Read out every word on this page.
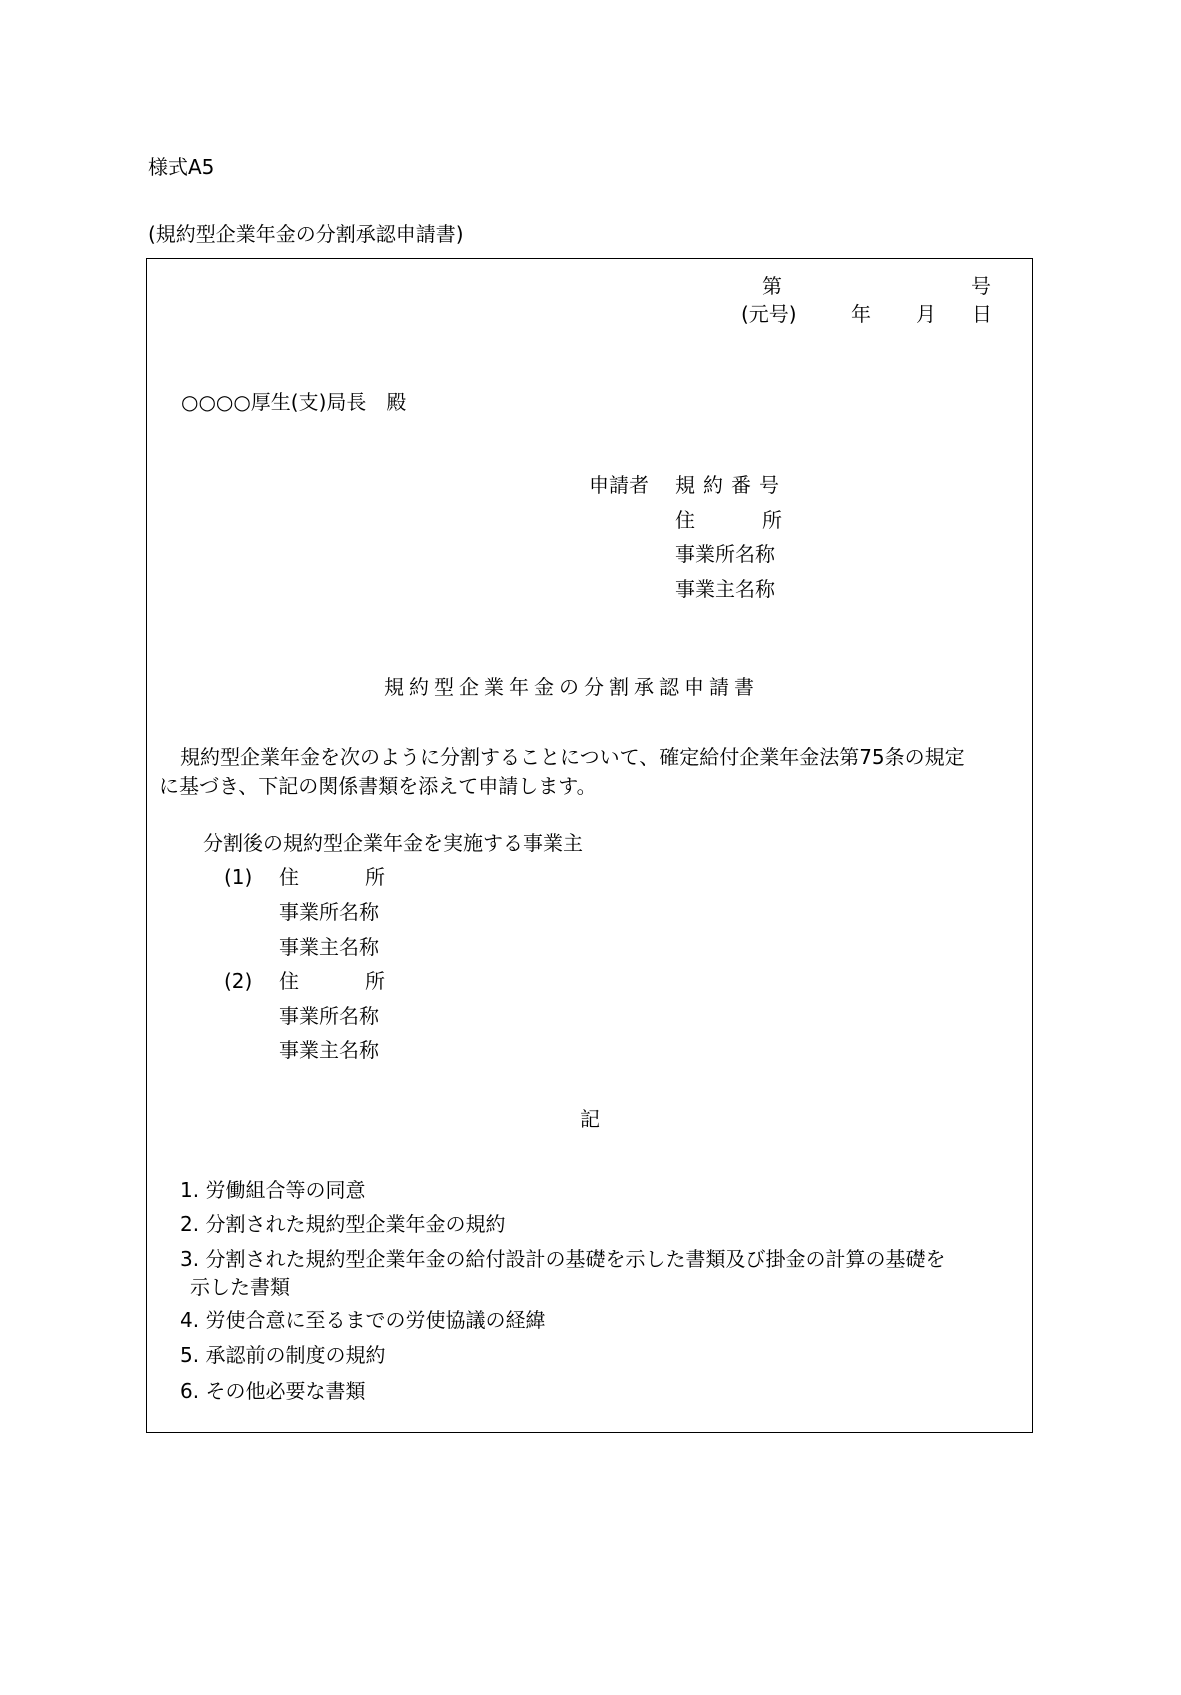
様式A5
(規約型企業年金の分割承認申請書)
第	号
(元号)	年 月 日
○○○○厚生(支)局長　殿
申請者 規約番号
住	所
事業所名称
事業主名称
規約型企業年金の分割承認申請書
規約型企業年金を次のように分割することについて、確定給付企業年金法第75条の規定
に基づき、下記の関係書類を添えて申請します。
分割後の規約型企業年金を実施する事業主
(1) 住	所
事業所名称
事業主名称
(2) 住	所
事業所名称
事業主名称
記
1. 労働組合等の同意
2. 分割された規約型企業年金の規約
3. 分割された規約型企業年金の給付設計の基礎を示した書類及び掛金の計算の基礎を
示した書類
4. 労使合意に至るまでの労使協議の経緯
5. 承認前の制度の規約
6. その他必要な書類
